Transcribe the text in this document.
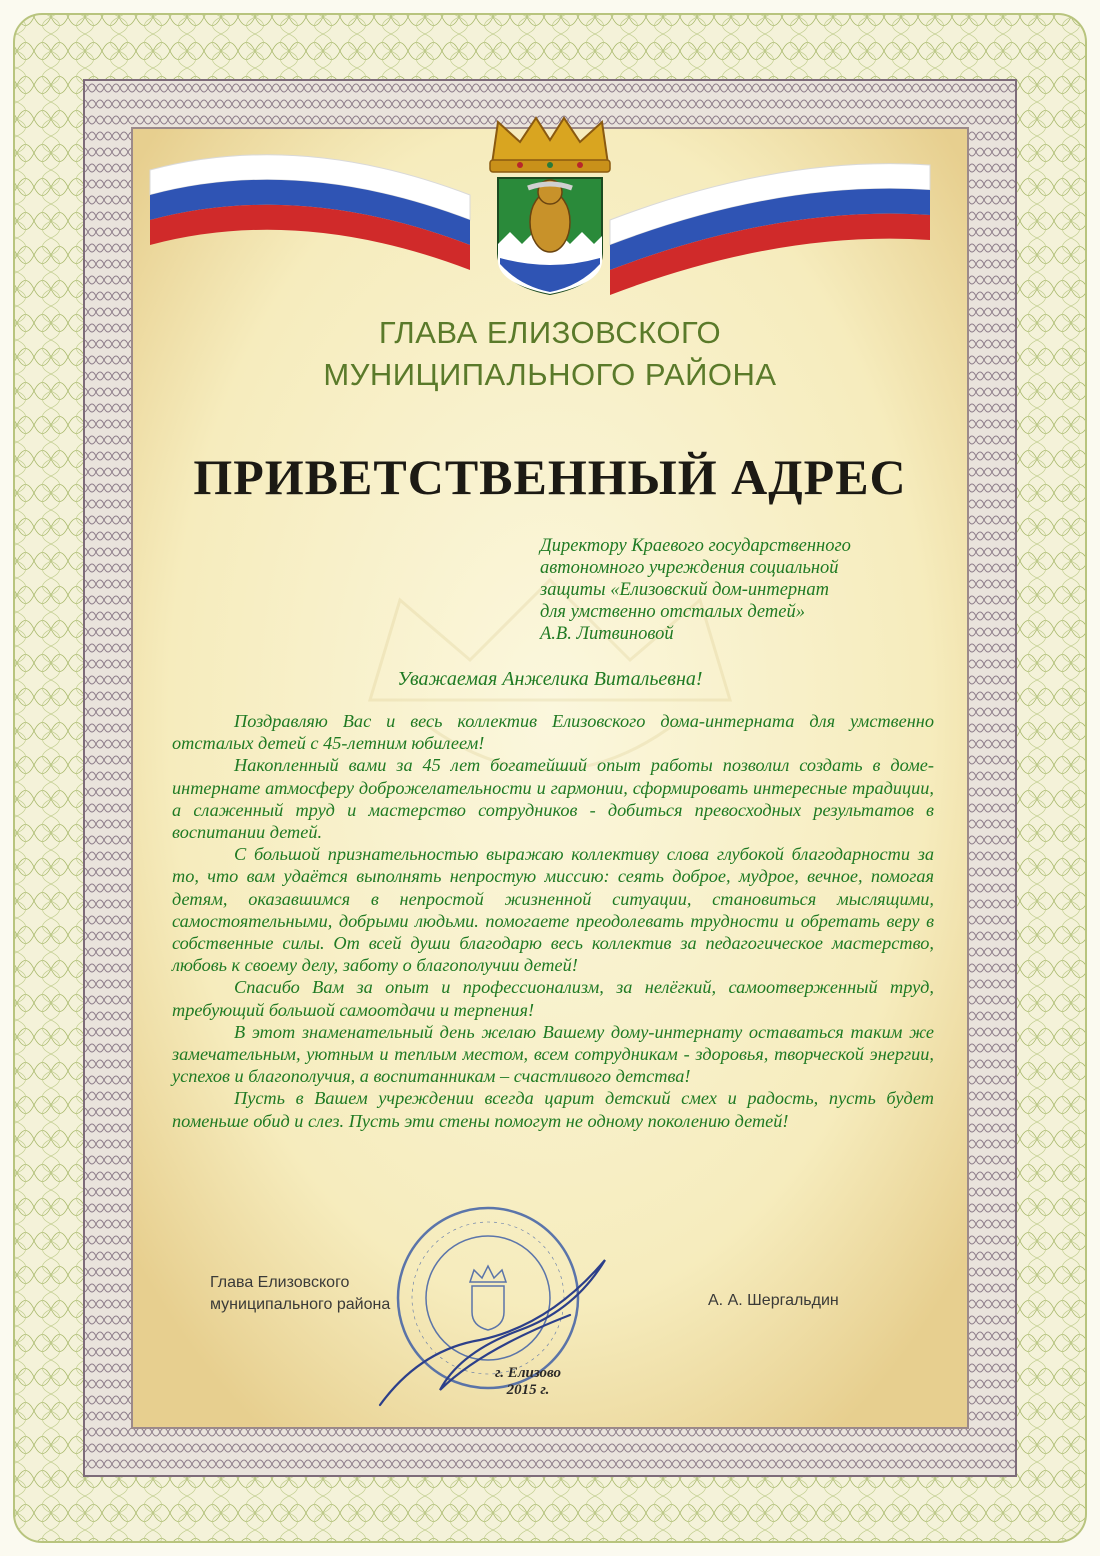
ГЛАВА ЕЛИЗОВСКОГО
МУНИЦИПАЛЬНОГО РАЙОНА
ПРИВЕТСТВЕННЫЙ АДРЕС
Директору Краевого государственного
автономного учреждения социальной
защиты «Елизовский дом-интернат
для умственно отсталых детей»
А.В. Литвиновой
Уважаемая Анжелика Витальевна!

Поздравляю Вас и весь коллектив Елизовского дома-интерната для умственно отсталых детей с 45-летним юбилеем!

Накопленный вами за 45 лет богатейший опыт работы позволил создать в доме-интернате атмосферу доброжелательности и гармонии, сформировать интересные традиции, а слаженный труд и мастерство сотрудников - добиться превосходных результатов в воспитании детей.

С большой признательностью выражаю коллективу слова глубокой благодарности за то, что вам удаётся выполнять непростую миссию: сеять доброе, мудрое, вечное, помогая детям, оказавшимся в непростой жизненной ситуации, становиться мыслящими, самостоятельными, добрыми людьми. помогаете преодолевать трудности и обретать веру в собственные силы. От всей души благодарю весь коллектив за педагогическое мастерство, любовь к своему делу, заботу о благополучии детей!

Спасибо Вам за опыт и профессионализм, за нелёгкий, самоотверженный труд, требующий большой самоотдачи и терпения!

В этот знаменательный день желаю Вашему дому-интернату оставаться таким же замечательным, уютным и теплым местом, всем сотрудникам - здоровья, творческой энергии, успехов и благополучия, а воспитанникам – счастливого детства!

Пусть в Вашем учреждении всегда царит детский смех и радость, пусть будет поменьше обид и слез. Пусть эти стены помогут не одному поколению детей!

Глава Елизовского
муниципального района	А. А. Шергальдин
г. Елизово
2015 г.
